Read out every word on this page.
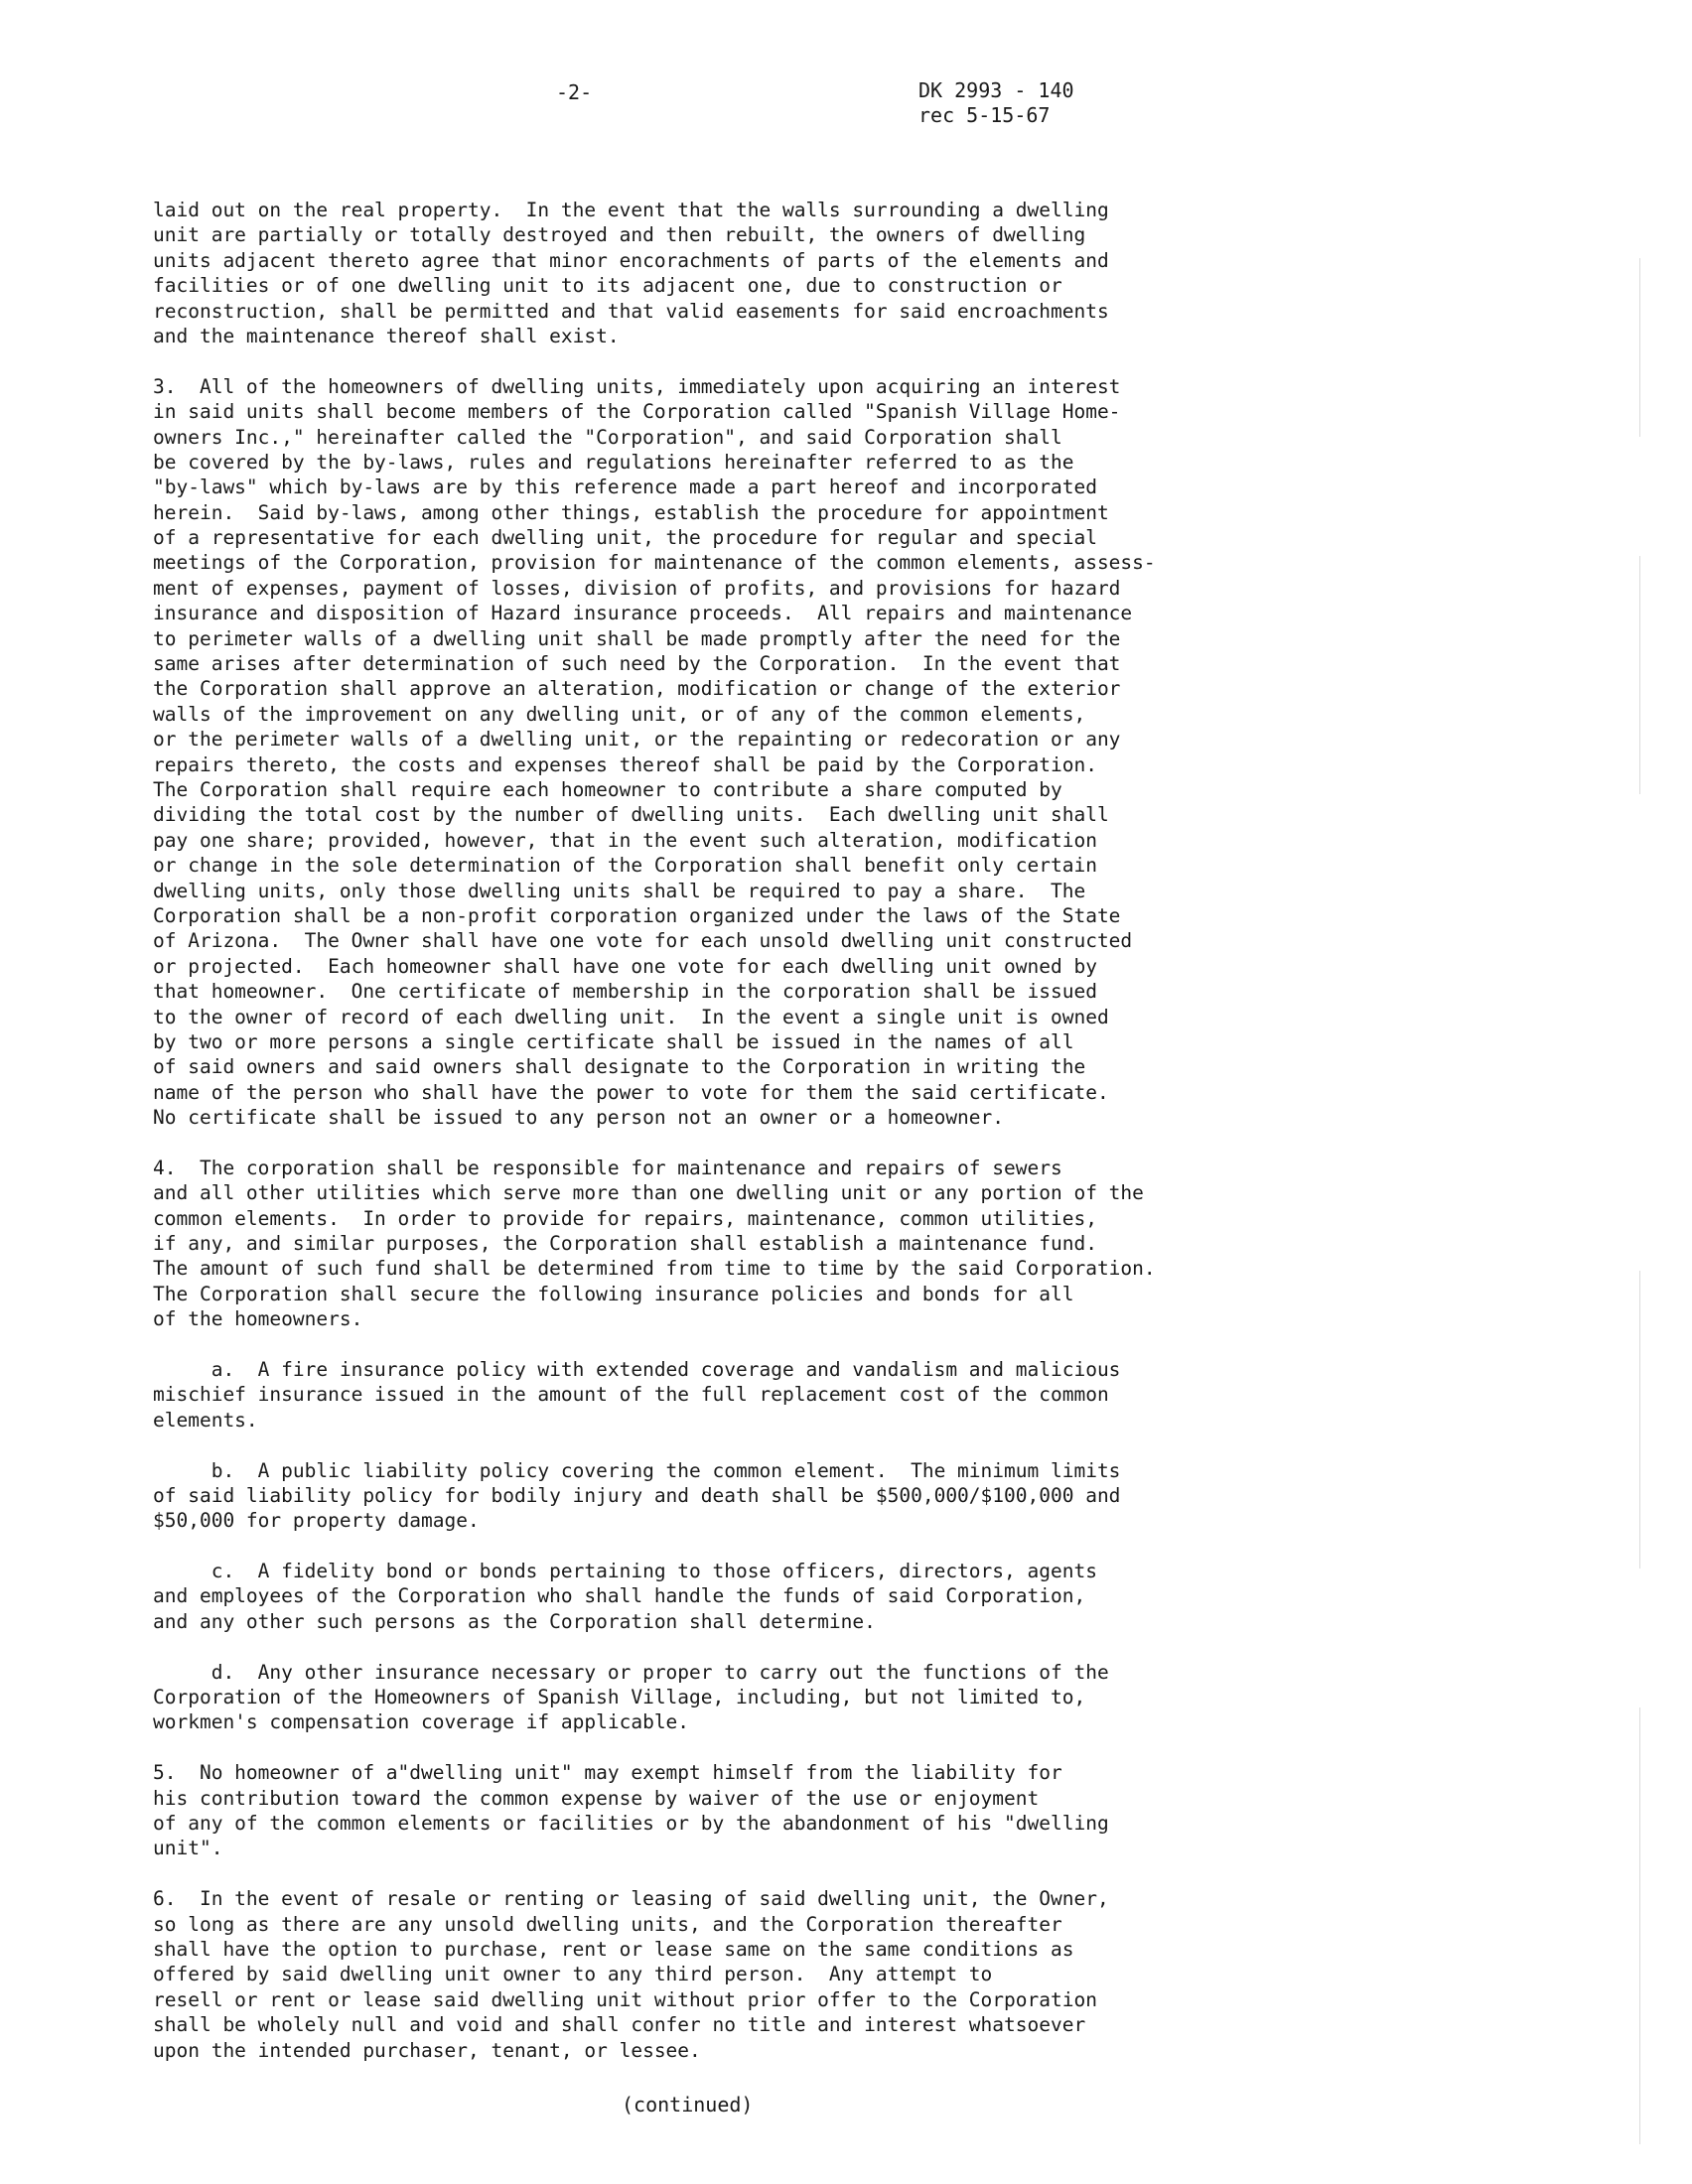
-2-	DK 2993 - 140
rec 5-15-67
laid out on the real property.  In the event that the walls surrounding a dwelling
unit are partially or totally destroyed and then rebuilt, the owners of dwelling
units adjacent thereto agree that minor encorachments of parts of the elements and
facilities or of one dwelling unit to its adjacent one, due to construction or
reconstruction, shall be permitted and that valid easements for said encroachments
and the maintenance thereof shall exist.
3.  All of the homeowners of dwelling units, immediately upon acquiring an interest
in said units shall become members of the Corporation called "Spanish Village Home-
owners Inc.," hereinafter called the "Corporation", and said Corporation shall
be covered by the by-laws, rules and regulations hereinafter referred to as the
"by-laws" which by-laws are by this reference made a part hereof and incorporated
herein.  Said by-laws, among other things, establish the procedure for appointment
of a representative for each dwelling unit, the procedure for regular and special
meetings of the Corporation, provision for maintenance of the common elements, assess-
ment of expenses, payment of losses, division of profits, and provisions for hazard
insurance and disposition of Hazard insurance proceeds.  All repairs and maintenance
to perimeter walls of a dwelling unit shall be made promptly after the need for the
same arises after determination of such need by the Corporation.  In the event that
the Corporation shall approve an alteration, modification or change of the exterior
walls of the improvement on any dwelling unit, or of any of the common elements,
or the perimeter walls of a dwelling unit, or the repainting or redecoration or any
repairs thereto, the costs and expenses thereof shall be paid by the Corporation.
The Corporation shall require each homeowner to contribute a share computed by
dividing the total cost by the number of dwelling units.  Each dwelling unit shall
pay one share; provided, however, that in the event such alteration, modification
or change in the sole determination of the Corporation shall benefit only certain
dwelling units, only those dwelling units shall be required to pay a share.  The
Corporation shall be a non-profit corporation organized under the laws of the State
of Arizona.  The Owner shall have one vote for each unsold dwelling unit constructed
or projected.  Each homeowner shall have one vote for each dwelling unit owned by
that homeowner.  One certificate of membership in the corporation shall be issued
to the owner of record of each dwelling unit.  In the event a single unit is owned
by two or more persons a single certificate shall be issued in the names of all
of said owners and said owners shall designate to the Corporation in writing the
name of the person who shall have the power to vote for them the said certificate.
No certificate shall be issued to any person not an owner or a homeowner.
4.  The corporation shall be responsible for maintenance and repairs of sewers
and all other utilities which serve more than one dwelling unit or any portion of the
common elements.  In order to provide for repairs, maintenance, common utilities,
if any, and similar purposes, the Corporation shall establish a maintenance fund.
The amount of such fund shall be determined from time to time by the said Corporation.
The Corporation shall secure the following insurance policies and bonds for all
of the homeowners.
a.  A fire insurance policy with extended coverage and vandalism and malicious
mischief insurance issued in the amount of the full replacement cost of the common
elements.
b.  A public liability policy covering the common element.  The minimum limits
of said liability policy for bodily injury and death shall be $500,000/$100,000 and
$50,000 for property damage.
c.  A fidelity bond or bonds pertaining to those officers, directors, agents
and employees of the Corporation who shall handle the funds of said Corporation,
and any other such persons as the Corporation shall determine.
d.  Any other insurance necessary or proper to carry out the functions of the
Corporation of the Homeowners of Spanish Village, including, but not limited to,
workmen's compensation coverage if applicable.
5.  No homeowner of a"dwelling unit" may exempt himself from the liability for
his contribution toward the common expense by waiver of the use or enjoyment
of any of the common elements or facilities or by the abandonment of his "dwelling
unit".
6.  In the event of resale or renting or leasing of said dwelling unit, the Owner,
so long as there are any unsold dwelling units, and the Corporation thereafter
shall have the option to purchase, rent or lease same on the same conditions as
offered by said dwelling unit owner to any third person.  Any attempt to
resell or rent or lease said dwelling unit without prior offer to the Corporation
shall be wholely null and void and shall confer no title and interest whatsoever
upon the intended purchaser, tenant, or lessee.
(continued)
